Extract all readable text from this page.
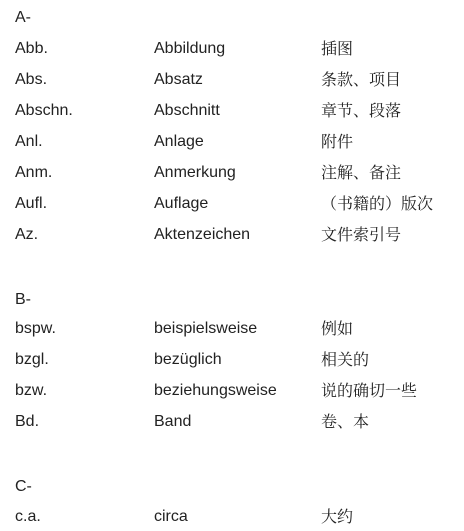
A-
Abb.	Abbildung	插图
Abs.	Absatz	条款、项目
Abschn.	Abschnitt	章节、段落
Anl.	Anlage	附件
Anm.	Anmerkung	注解、备注
Aufl.	Auflage	（书籍的）版次
Az.	Aktenzeichen	文件索引号
B-
bspw.	beispielsweise	例如
bzgl.	bezüglich	相关的
bzw.	beziehungsweise	说的确切一些
Bd.	Band	卷、本
C-
c.a.	circa	大约
